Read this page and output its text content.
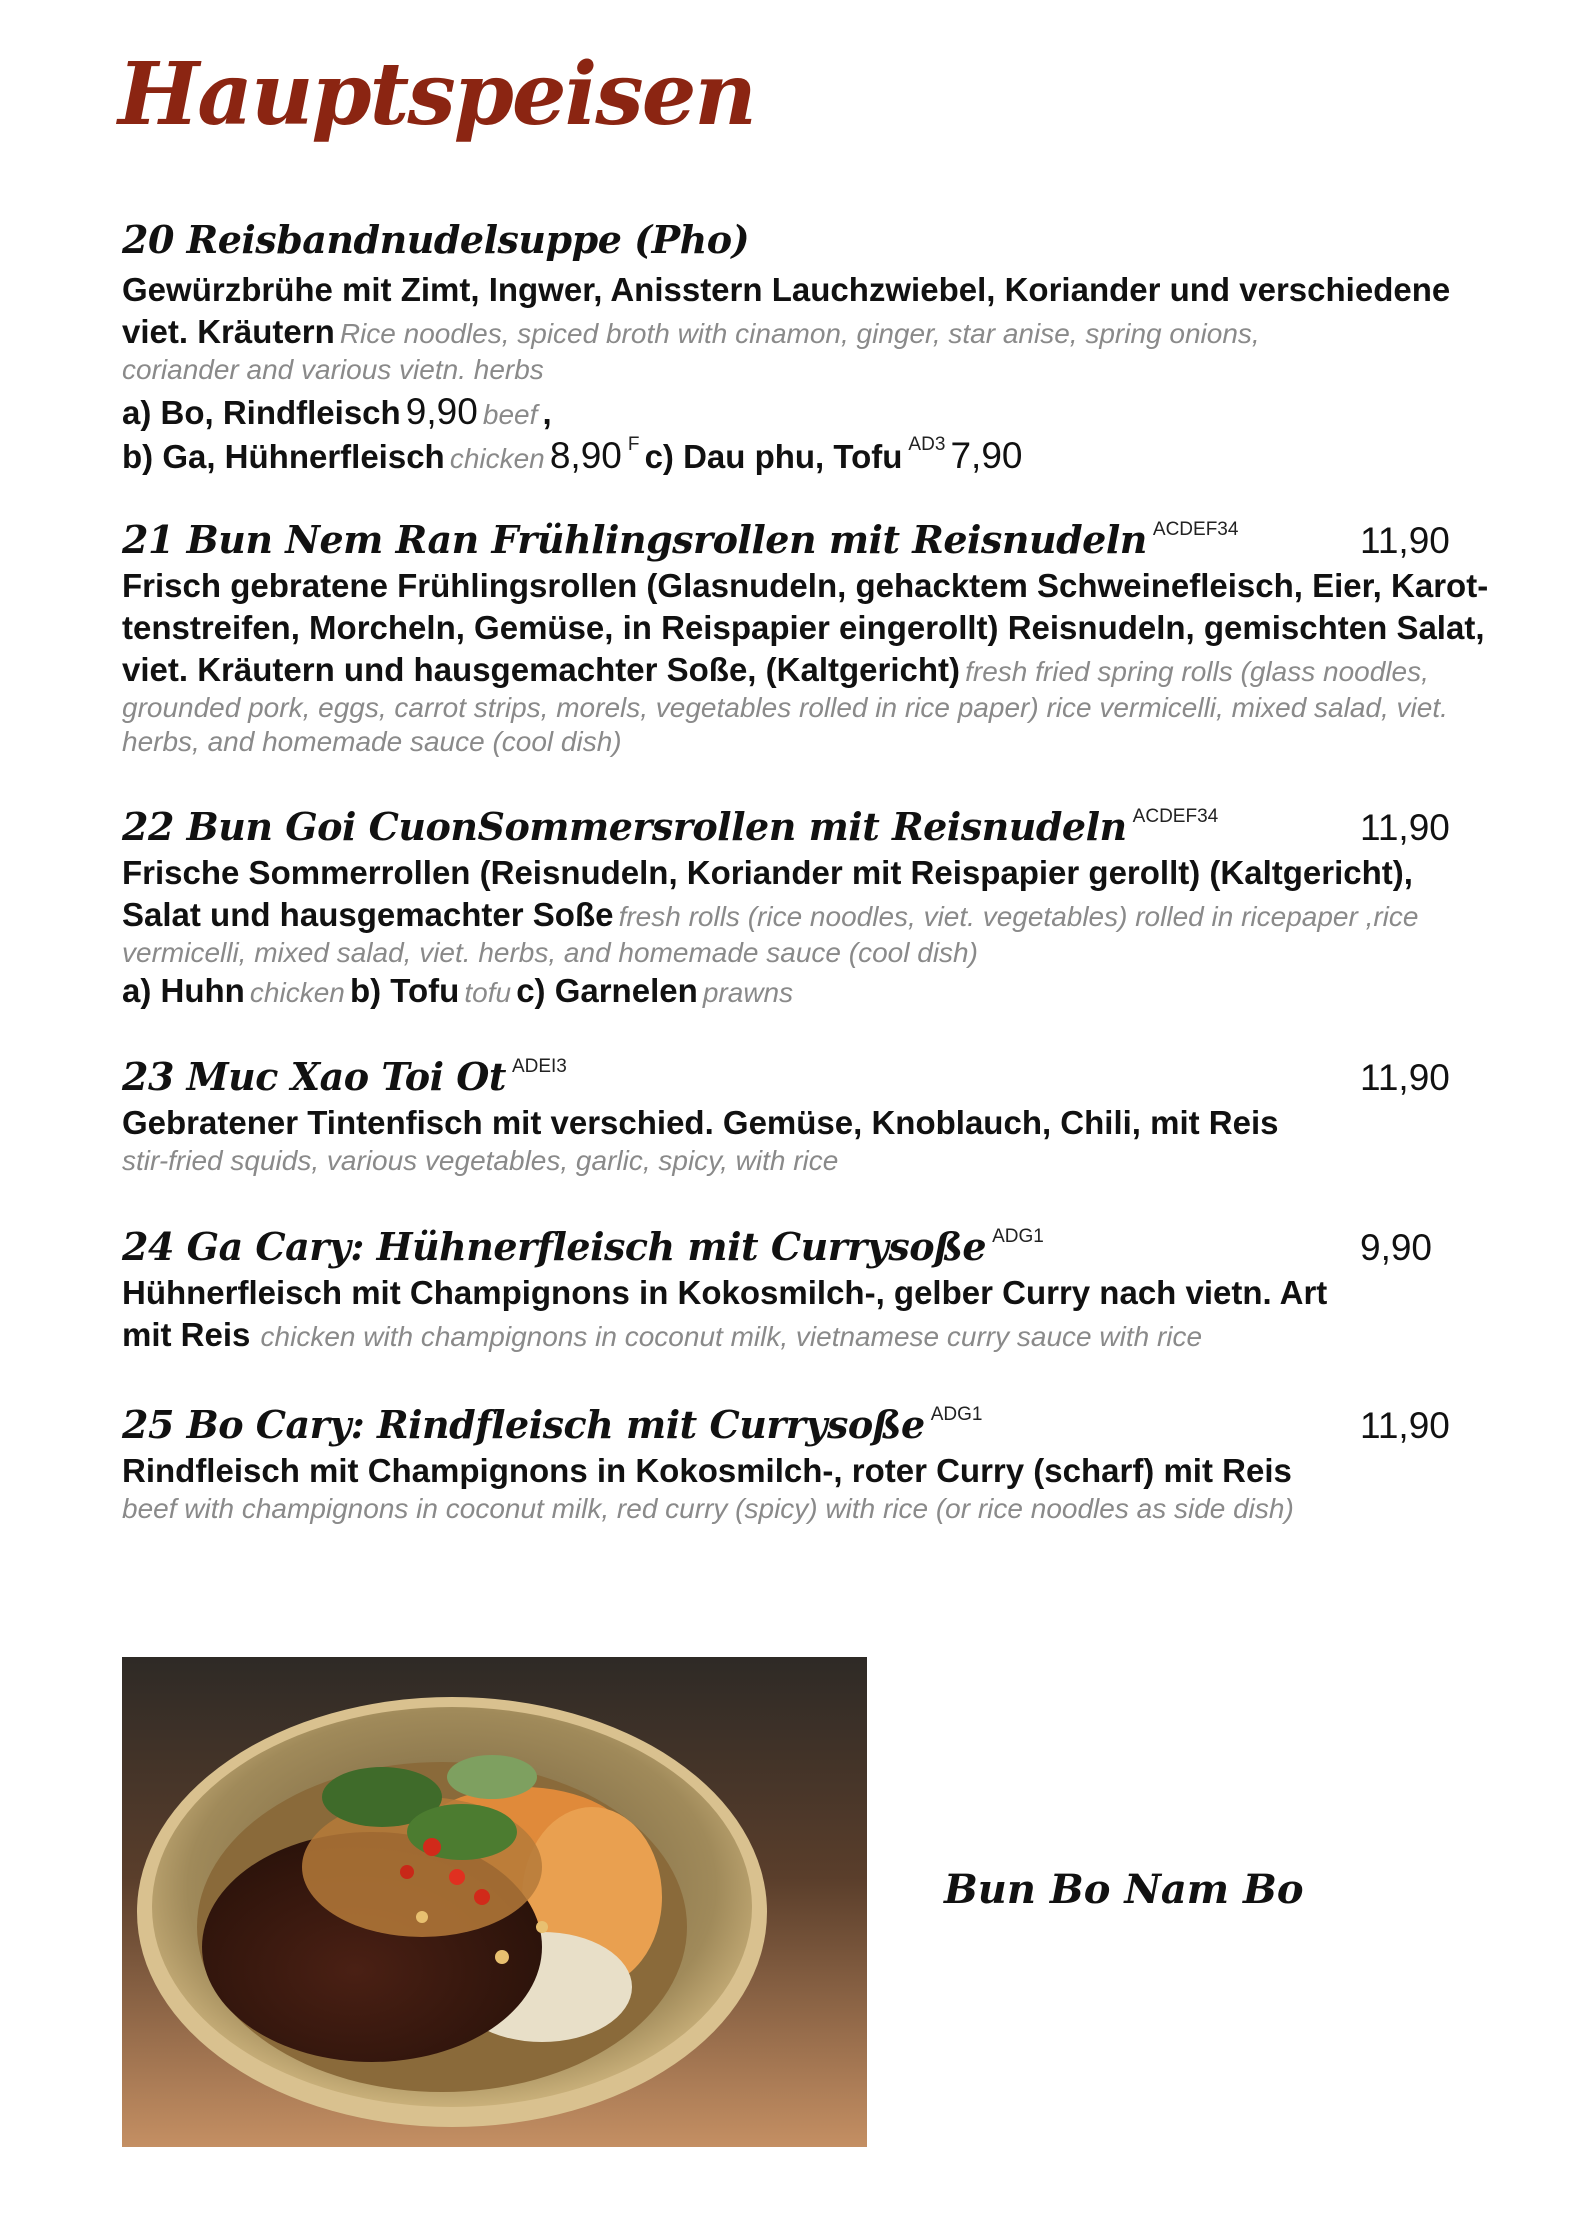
Hauptspeisen
20 Reisbandnudelsuppe (Pho)
Gewürzbrühe mit Zimt, Ingwer, Anisstern Lauchzwiebel, Koriander und verschiedene
viet. Kräutern Rice noodles, spiced broth with cinamon, ginger, star anise, spring onions,
coriander and various vietn. herbs
a) Bo, Rindfleisch 9,90 beef ,
b) Ga, Hühnerfleisch chicken 8,90 F c) Dau phu, Tofu AD3 7,90
21 Bun Nem Ran Frühlingsrollen mit Reisnudeln $^{ACDEF34}$	11,90
Frisch gebratene Frühlingsrollen (Glasnudeln, gehacktem Schweinefleisch, Eier, Karot-
tenstreifen, Morcheln, Gemüse, in Reispapier eingerollt) Reisnudeln, gemischten Salat,
viet. Kräutern und hausgemachter Soße, (Kaltgericht) fresh fried spring rolls (glass noodles,
grounded pork, eggs, carrot strips, morels, vegetables rolled in rice paper) rice vermicelli, mixed salad, viet.
herbs, and homemade sauce (cool dish)
22 Bun Goi CuonSommersrollen mit Reisnudeln $^{ACDEF34}$	11,90
Frische Sommerrollen (Reisnudeln, Koriander mit Reispapier gerollt) (Kaltgericht),
Salat und hausgemachter Soße fresh rolls (rice noodles, viet. vegetables) rolled in ricepaper ,rice
vermicelli, mixed salad, viet. herbs, and homemade sauce (cool dish)
a) Huhn chicken b) Tofu tofu c) Garnelen prawns
23 Muc Xao Toi Ot $^{ADEI3}$	11,90
Gebratener Tintenfisch mit verschied. Gemüse, Knoblauch, Chili, mit Reis
stir-fried squids, various vegetables, garlic, spicy, with rice
24 Ga Cary: Hühnerfleisch mit Currysoße $^{ADG1}$	9,90
Hühnerfleisch mit Champignons in Kokosmilch-, gelber Curry nach vietn. Art
mit Reis chicken with champignons in coconut milk, vietnamese curry sauce with rice
25 Bo Cary: Rindfleisch mit Currysoße $^{ADG1}$	11,90
Rindfleisch mit Champignons in Kokosmilch-, roter Curry (scharf) mit Reis
beef with champignons in coconut milk, red curry (spicy) with rice (or rice noodles as side dish)
Bun Bo Nam Bo
